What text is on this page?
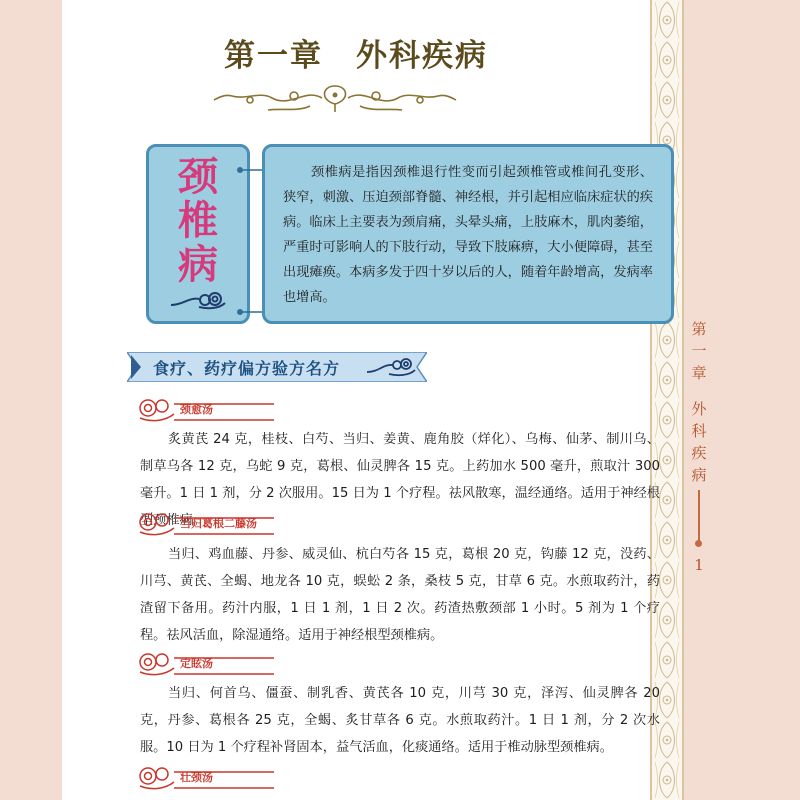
第一章　外科疾病
颈
椎
病
颈椎病是指因颈椎退行性变而引起颈椎管或椎间孔变形、狭窄，刺激、压迫颈部脊髓、神经根，并引起相应临床症状的疾病。临床上主要表为颈肩痛，头晕头痛，上肢麻木，肌肉萎缩，严重时可影响人的下肢行动，导致下肢麻痹，大小便障碍，甚至出现瘫痪。本病多发于四十岁以后的人，随着年龄增高，发病率也增高。
食疗、药疗偏方验方名方
颈愈汤

炙黄芪 24 克，桂枝、白芍、当归、姜黄、鹿角胶（烊化）、乌梅、仙茅、制川乌、制草乌各 12 克，乌蛇 9 克，葛根、仙灵脾各 15 克。上药加水 500 毫升，煎取汁 300 毫升。1 日 1 剂，分 2 次服用。15 日为 1 个疗程。祛风散寒，温经通络。适用于神经根型颈椎病。

当归葛根二藤汤

当归、鸡血藤、丹参、威灵仙、杭白芍各 15 克，葛根 20 克，钩藤 12 克，没药、川芎、黄芪、全蝎、地龙各 10 克，蜈蚣 2 条，桑枝 5 克，甘草 6 克。水煎取药汁，药渣留下备用。药汁内服，1 日 1 剂，1 日 2 次。药渣热敷颈部 1 小时。5 剂为 1 个疗程。祛风活血，除湿通络。适用于神经根型颈椎病。

定眩汤

当归、何首乌、僵蚕、制乳香、黄芪各 10 克，川芎 30 克，泽泻、仙灵脾各 20 克，丹参、葛根各 25 克，全蝎、炙甘草各 6 克。水煎取药汁。1 日 1 剂，分 2 次水服。10 日为 1 个疗程补肾固本，益气活血，化痰通络。适用于椎动脉型颈椎病。

壮颈汤
第
一
章
外
科
疾
病
1
